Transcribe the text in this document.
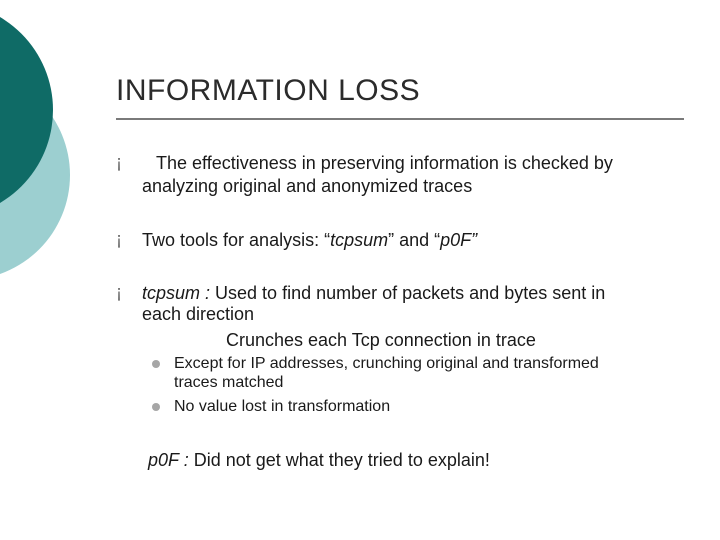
INFORMATION LOSS
¡ The effectiveness in preserving information is checked by
analyzing original and anonymized traces
¡ Two tools for analysis: “tcpsum” and “p0F”
¡ tcpsum : Used to find number of packets and bytes sent in
each direction
Crunches each Tcp connection in trace
Except for IP addresses, crunching original and transformed
traces matched
No value lost in transformation
p0F : Did not get what they tried to explain!
